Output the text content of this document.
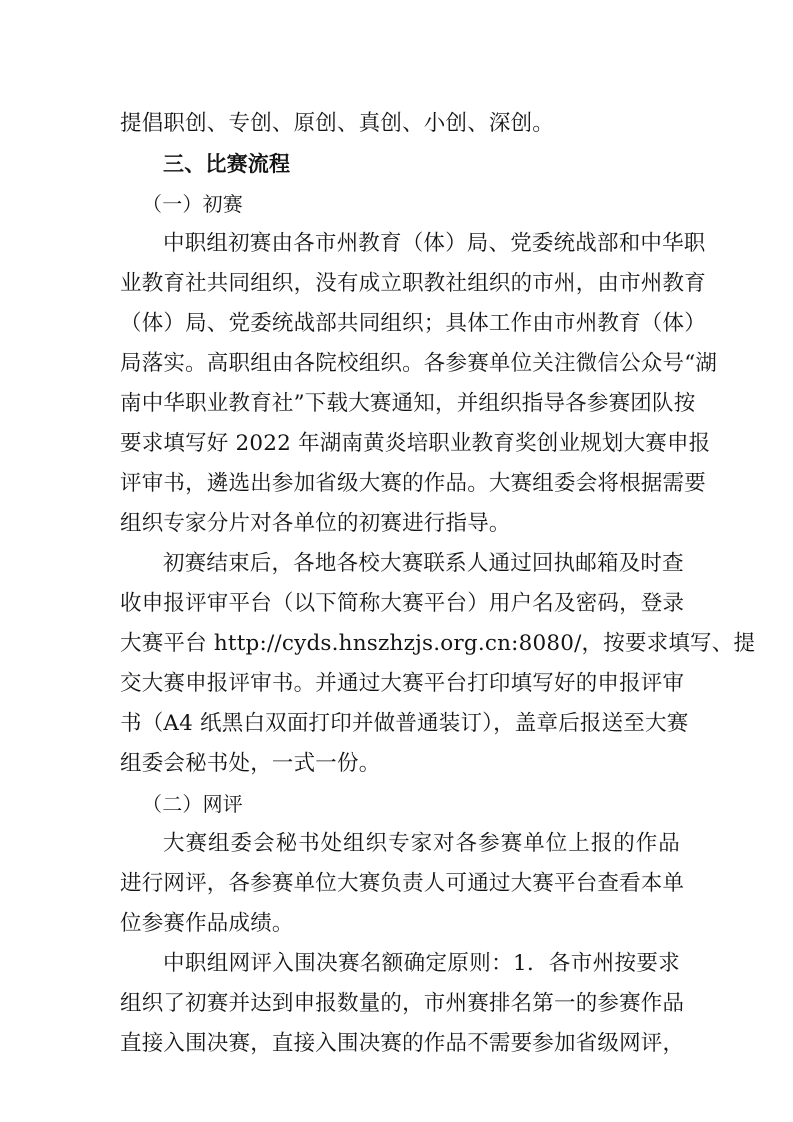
提倡职创、专创、原创、真创、小创、深创。
三、比赛流程
（一）初赛
中职组初赛由各市州教育（体）局、党委统战部和中华职
业教育社共同组织，没有成立职教社组织的市州，由市州教育
（体）局、党委统战部共同组织；具体工作由市州教育（体）
局落实。高职组由各院校组织。各参赛单位关注微信公众号“湖
南中华职业教育社”下载大赛通知，并组织指导各参赛团队按
要求填写好 2022 年湖南黄炎培职业教育奖创业规划大赛申报
评审书，遴选出参加省级大赛的作品。大赛组委会将根据需要
组织专家分片对各单位的初赛进行指导。
初赛结束后，各地各校大赛联系人通过回执邮箱及时查
收申报评审平台（以下简称大赛平台）用户名及密码，登录
大赛平台 http://cyds.hnszhzjs.org.cn:8080/，按要求填写、提
交大赛申报评审书。并通过大赛平台打印填写好的申报评审
书（A4 纸黑白双面打印并做普通装订），盖章后报送至大赛
组委会秘书处，一式一份。
（二）网评
大赛组委会秘书处组织专家对各参赛单位上报的作品
进行网评，各参赛单位大赛负责人可通过大赛平台查看本单
位参赛作品成绩。
中职组网评入围决赛名额确定原则：1．各市州按要求
组织了初赛并达到申报数量的，市州赛排名第一的参赛作品
直接入围决赛，直接入围决赛的作品不需要参加省级网评，
